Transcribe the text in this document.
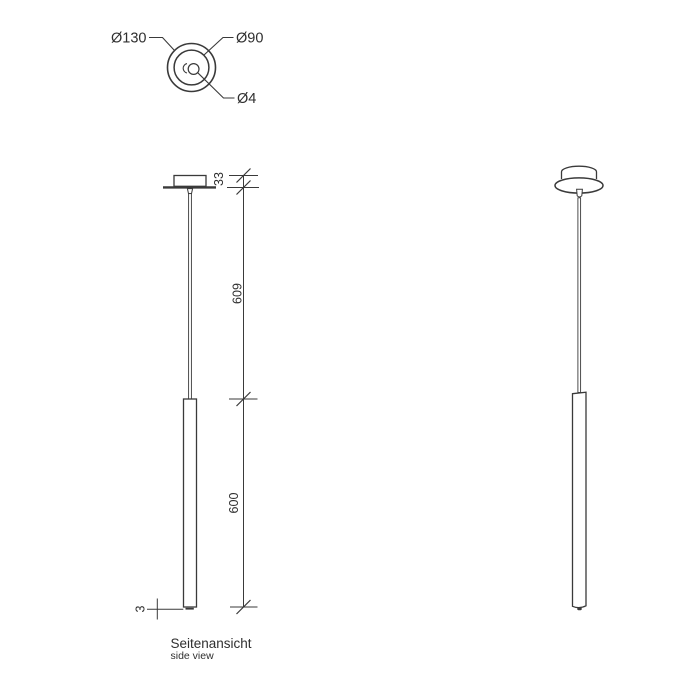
Ø130	Ø90
Ø4
33
609
600
3
Seitenansicht
side view
